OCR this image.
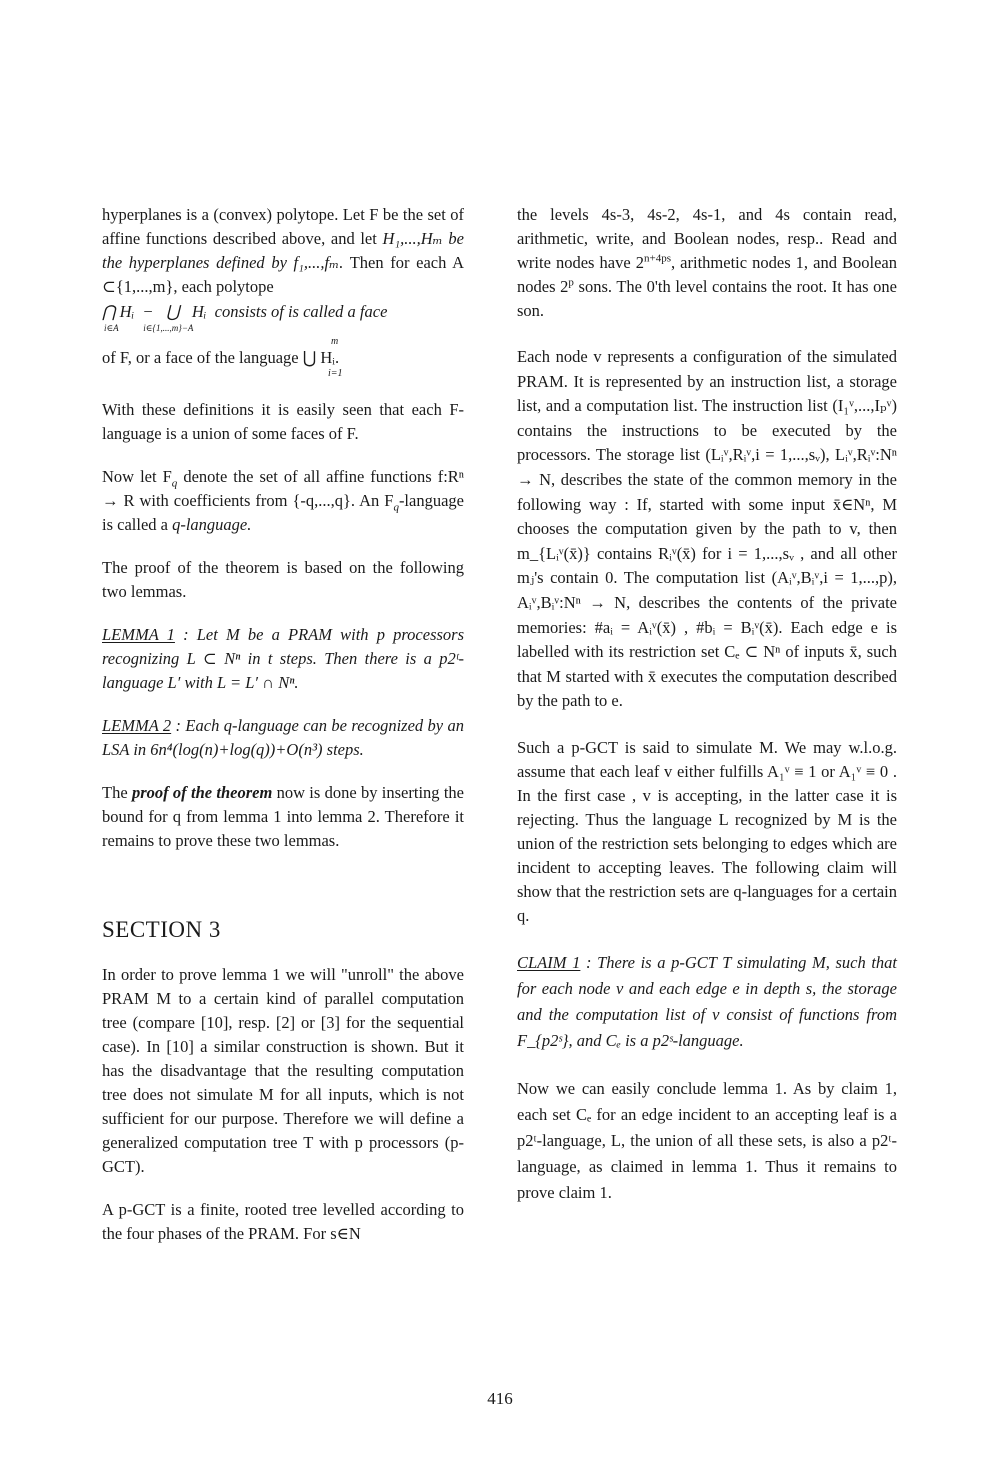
hyperplanes is a (convex) polytope. Let F be the set of affine functions described above, and let H₁,...,Hₘ be the hyperplanes defined by f₁,...,fₘ. Then for each A ⊂{1,...,m}, each polytope

⋂ Hᵢ  −   ⋃   Hᵢ  consists of is called a face
i∈A           i∈{1,...,m}−A
m
of F, or a face of the language ⋃ Hᵢ.
i=1

With these definitions it is easily seen that each F-language is a union of some faces of F.

Now let $F_q$ denote the set of all affine functions f:Rⁿ → R with coefficients from {-q,...,q}. An $F_q$-language is called a q-language.

The proof of the theorem is based on the following two lemmas.

LEMMA 1 : Let M be a PRAM with p processors recognizing L ⊂ Nⁿ in t steps. Then there is a p2ᵗ-language L′ with L = L′ ∩ Nⁿ.

LEMMA 2 : Each q-language can be recognized by an LSA in 6n⁴(log(n)+log(q))+O(n³) steps.

The proof of the theorem now is done by inserting the bound for q from lemma 1 into lemma 2. Therefore it remains to prove these two lemmas.

SECTION 3

In order to prove lemma 1 we will "unroll" the above PRAM M to a certain kind of parallel computation tree (compare [10], resp. [2] or [3] for the sequential case). In [10] a similar construction is shown. But it has the disadvantage that the resulting computation tree does not simulate M for all inputs, which is not sufficient for our purpose. Therefore we will define a generalized computation tree T with p processors (p-GCT).

A p-GCT is a finite, rooted tree levelled according to the four phases of the PRAM. For s∈N

the levels 4s-3, 4s-2, 4s-1, and 4s contain read, arithmetic, write, and Boolean nodes, resp.. Read and write nodes have $2^{n+4ps}$, arithmetic nodes 1, and Boolean nodes 2$^p$ sons. The 0'th level contains the root. It has one son.

Each node v represents a configuration of the simulated PRAM. It is represented by an instruction list, a storage list, and a computation list. The instruction list (I₁ᵛ,...,Iₚᵛ) contains the instructions to be executed by the processors. The storage list (Lᵢᵛ,Rᵢᵛ,i = 1,...,sᵥ), Lᵢᵛ,Rᵢᵛ:Nⁿ → N, describes the state of the common memory in the following way : If, started with some input x̄∈Nⁿ, M chooses the computation given by the path to v, then m_{Lᵢᵛ(x̄)} contains Rᵢᵛ(x̄) for i = 1,...,sᵥ , and all other mⱼ's contain 0. The computation list (Aᵢᵛ,Bᵢᵛ,i = 1,...,p), Aᵢᵛ,Bᵢᵛ:Nⁿ → N, describes the contents of the private memories: #aᵢ = Aᵢᵛ(x̄) , #bᵢ = Bᵢᵛ(x̄). Each edge e is labelled with its restriction set Cₑ ⊂ Nⁿ of inputs x̄, such that M started with x̄ executes the computation described by the path to e.

Such a p-GCT is said to simulate M. We may w.l.o.g. assume that each leaf v either fulfills A₁ᵛ ≡ 1 or A₁ᵛ ≡ 0 . In the first case , v is accepting, in the latter case it is rejecting. Thus the language L recognized by M is the union of the restriction sets belonging to edges which are incident to accepting leaves. The following claim will show that the restriction sets are q-languages for a certain q.

CLAIM 1 : There is a p-GCT T simulating M, such that for each node v and each edge e in depth s, the storage and the computation list of v consist of functions from F_{p2ˢ}, and Cₑ is a p2ˢ-language.

Now we can easily conclude lemma 1. As by claim 1, each set Cₑ for an edge incident to an accepting leaf is a p2ᵗ-language, L, the union of all these sets, is also a p2ᵗ-language, as claimed in lemma 1. Thus it remains to prove claim 1.

416
